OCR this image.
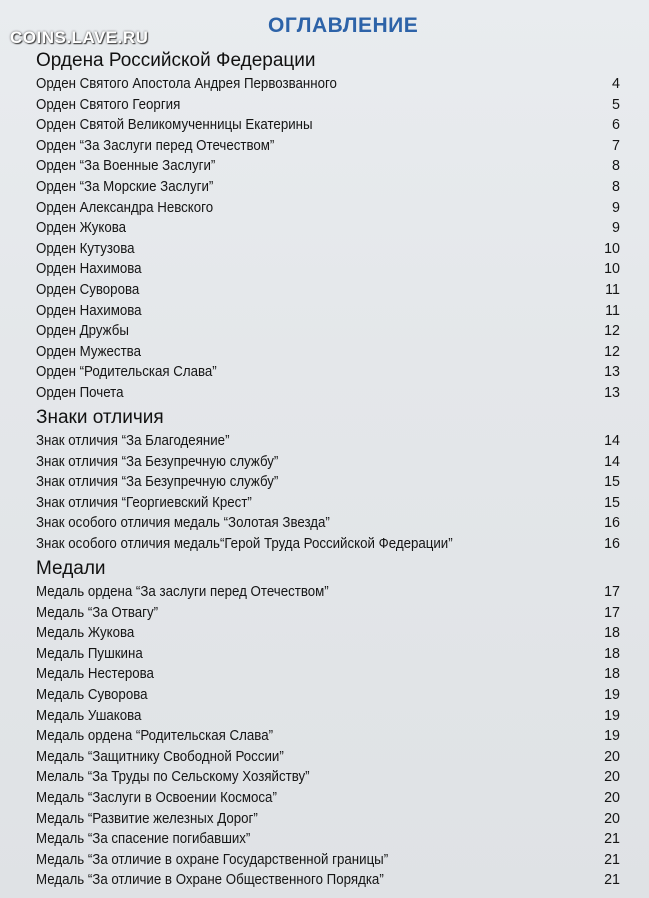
COINS.LAVE.RU
ОГЛАВЛЕНИЕ
Ордена Российской Федерации
Орден Святого Апостола Андрея Первозванного	4
Орден Святого Георгия	5
Орден Святой Великомученницы Екатерины	6
Орден “За Заслуги перед Отечеством”	7
Орден “За Военные Заслуги”	8
Орден “За Морские Заслуги”	8
Орден Александра Невского	9
Орден Жукова	9
Орден Кутузова	10
Орден Нахимова	10
Орден Суворова	11
Орден Нахимова	11
Орден Дружбы	12
Орден Мужества	12
Орден “Родительская Слава”	13
Орден Почета	13
Знаки отличия
Знак отличия “За Благодеяние”	14
Знак отличия “За Безупречную службу”	14
Знак отличия “За Безупречную службу”	15
Знак отличия “Георгиевский Крест”	15
Знак особого отличия медаль “Золотая Звезда”	16
Знак особого отличия медаль“Герой Труда Российской Федерации”	16
Медали
Медаль ордена “За заслуги перед Отечеством”	17
Медаль “За Отвагу”	17
Медаль Жукова	18
Медаль Пушкина	18
Медаль Нестерова	18
Медаль Суворова	19
Медаль Ушакова	19
Медаль ордена “Родительская Слава”	19
Медаль “Защитнику Свободной России”	20
Мелаль “За Труды по Сельскому Хозяйству”	20
Медаль “Заслуги в Освоении Космоса”	20
Медаль “Развитие железных Дорог”	20
Медаль “За спасение погибавших”	21
Медаль “За отличие в охране Государственной границы”	21
Медаль “За отличие в Охране Общественного Порядка”	21
